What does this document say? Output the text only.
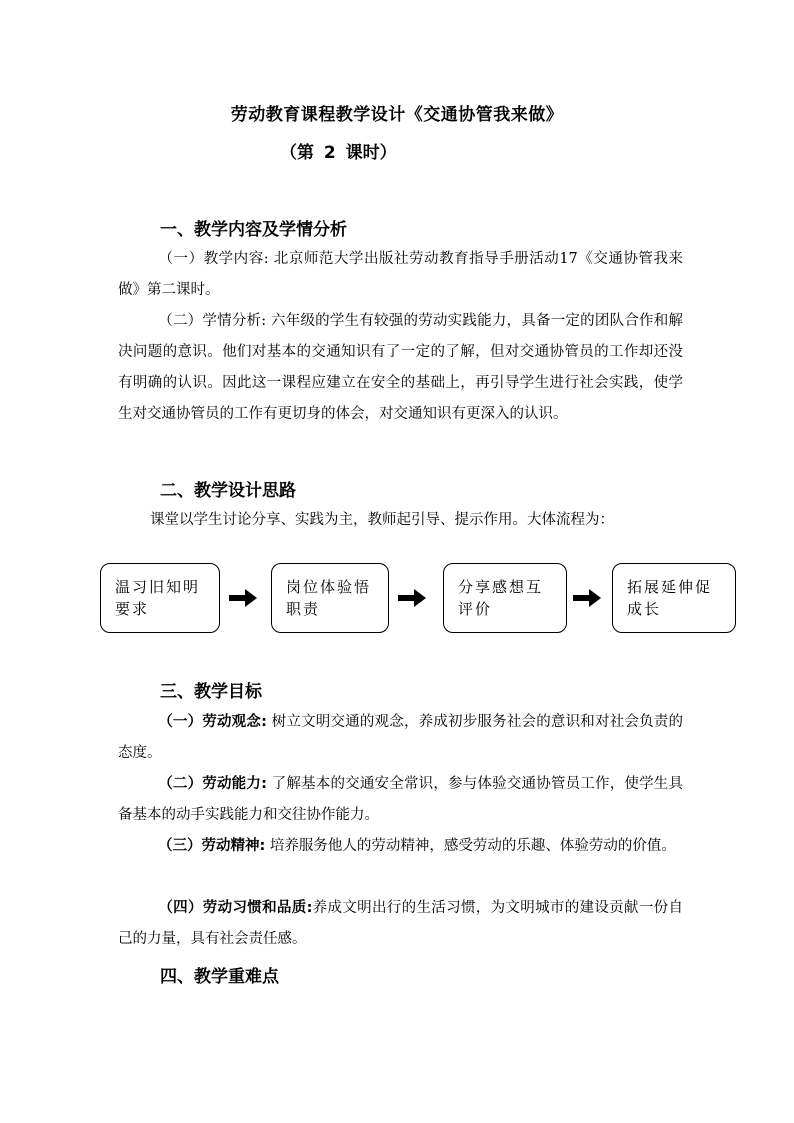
劳动教育课程教学设计《交通协管我来做》
（第 2 课时）
一、教学内容及学情分析

（一）教学内容: 北京师范大学出版社劳动教育指导手册活动17《交通协管我来做》第二课时。

（二）学情分析: 六年级的学生有较强的劳动实践能力，具备一定的团队合作和解决问题的意识。他们对基本的交通知识有了一定的了解，但对交通协管员的工作却还没有明确的认识。因此这一课程应建立在安全的基础上，再引导学生进行社会实践，使学生对交通协管员的工作有更切身的体会，对交通知识有更深入的认识。

二、教学设计思路

课堂以学生讨论分享、实践为主，教师起引导、提示作用。大体流程为：

温习旧知明要求
岗位体验悟职责
分享感想互评价
拓展延伸促成长
三、教学目标

（一）劳动观念: 树立文明交通的观念，养成初步服务社会的意识和对社会负责的态度。

（二）劳动能力: 了解基本的交通安全常识，参与体验交通协管员工作，使学生具备基本的动手实践能力和交往协作能力。

（三）劳动精神: 培养服务他人的劳动精神，感受劳动的乐趣、体验劳动的价值。

（四）劳动习惯和品质:养成文明出行的生活习惯，为文明城市的建设贡献一份自己的力量，具有社会责任感。

四、教学重难点
